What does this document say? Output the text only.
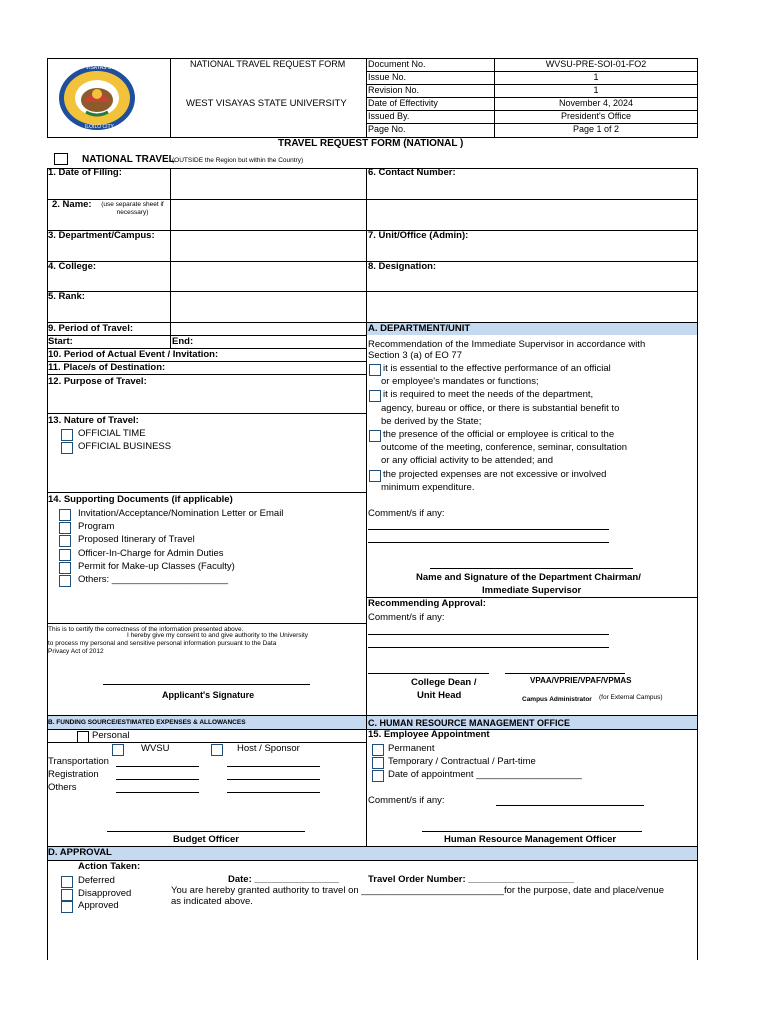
WEST VISAYAS STATE UNIVERSITY
ILOILO CITY
NATIONAL TRAVEL REQUEST FORM
WEST VISAYAS STATE UNIVERSITY
Document No.	WVSU-PRE-SOI-01-FO2
Issue No.	1
Revision No.	1
Date of Effectivity	November 4, 2024
Issued By.	President's Office
Page No.	Page 1 of 2
TRAVEL REQUEST FORM (NATIONAL )
NATIONAL TRAVEL
(OUTSIDE the Region but within the Country)
1. Date of Filing:	6. Contact Number:
2. Name:	(use separate sheet if necessary)
3. Department/Campus:	7. Unit/Office (Admin):
4. College:	8. Designation:
5. Rank:
9. Period of Travel:
Start:	End:
10. Period of Actual Event / Invitation:
11. Place/s of Destination:
12. Purpose of Travel:
13. Nature of Travel:
OFFICIAL TIME
OFFICIAL BUSINESS
14. Supporting Documents (if applicable)
Invitation/Acceptance/Nomination Letter or Email
Program
Proposed Itinerary of Travel
Officer-In-Charge for Admin Duties
Permit for Make-up Classes (Faculty)
Others: ______________________
This is to certify the correctness of the information presented above.
I hereby give my consent to and give authority to the University
to process my personal and sensitive personal information pursuant to the Data
Privacy Act of 2012
Applicant's Signature
A. DEPARTMENT/UNIT
Recommendation of the Immediate Supervisor in accordance with
Section 3 (a) of EO 77
it is essential to the effective performance of an official
or employee's mandates or functions;
it is required to meet the needs of the department,
agency, bureau or office, or there is substantial benefit to
be derived by the State;
the presence of the official or employee is critical to the
outcome of the meeting, conference, seminar, consultation
or any official activity to be attended; and
the projected expenses are not excessive or involved
minimum expenditure.
Comment/s if any:
Name and Signature of the Department Chairman/
Immediate Supervisor
Recommending Approval:
Comment/s if any:
College Dean /
Unit Head
VPAA/VPRIE/VPAF/VPMAS
Campus Administrator (for External Campus)
B. FUNDING SOURCE/ESTIMATED EXPENSES & ALLOWANCES
Personal
WVSU	Host / Sponsor
Transportation
Registration
Others
Budget Officer
C. HUMAN RESOURCE MANAGEMENT OFFICE
15. Employee Appointment
Permanent
Temporary / Contractual / Part-time
Date of appointment ____________________
Comment/s if any:
Human Resource Management Officer
D. APPROVAL
Action Taken:
Deferred
Disapproved
Approved
Date: ________________	Travel Order Number: ____________________
You are hereby granted authority to travel on ___________________________for the purpose, date and place/venue
as indicated above.
